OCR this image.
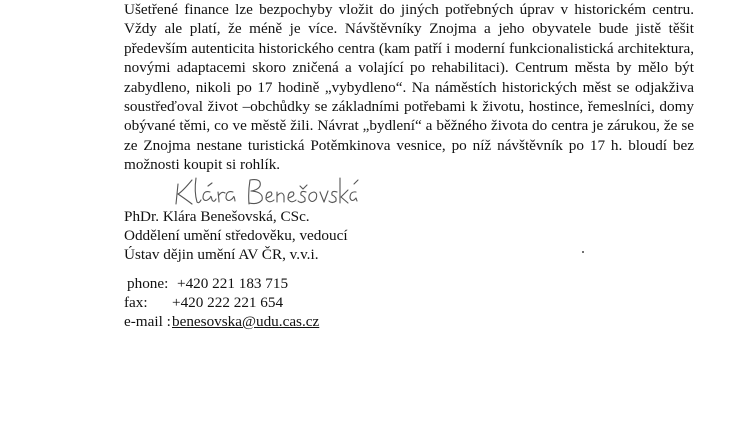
Ušetřené finance lze bezpochyby vložit do jiných potřebných úprav v historickém centru. Vždy ale platí, že méně je více. Návštěvníky Znojma a jeho obyvatele bude jistě těšit především autenticita historického centra (kam patří i moderní funkcionalistická architektura, novými adaptacemi skoro zničená a volající po rehabilitaci). Centrum města by mělo být zabydleno, nikoli po 17 hodině „vybydleno“. Na náměstích historických měst se odjakživa soustřeďoval život –obchůdky se základními potřebami k životu, hostince, řemeslníci, domy obývané těmi, co ve městě žili. Návrat „bydlení“ a běžného života do centra je zárukou, že se ze Znojma nestane turistická Potěmkinova vesnice, po níž návštěvník po 17 h. bloudí bez možnosti koupit si rohlík.

PhDr. Klára Benešovská, CSc.
Oddělení umění středověku, vedoucí
Ústav dějin umění AV ČR, v.v.i.
phone: +420 221 183 715
fax:	+420 222 221 654
e-mail : benesovska@udu.cas.cz
